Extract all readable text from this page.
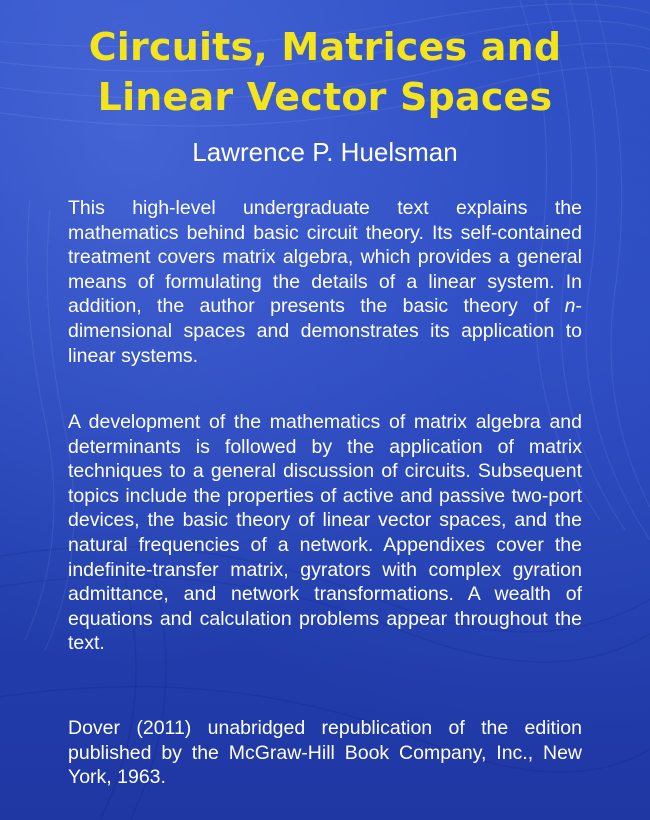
Circuits, Matrices and
Linear Vector Spaces
Lawrence P. Huelsman

This high-level undergraduate text explains the mathematics behind basic circuit theory. Its self-contained treatment covers matrix algebra, which provides a general means of formulating the details of a linear system. In addition, the author presents the basic theory of n-dimensional spaces and demonstrates its application to linear systems.

A development of the mathematics of matrix algebra and determinants is followed by the application of matrix techniques to a general discussion of circuits. Subsequent topics include the properties of active and passive two-port devices, the basic theory of linear vector spaces, and the natural frequencies of a network. Appendixes cover the indefinite-transfer matrix, gyrators with complex gyration admittance, and network transformations. A wealth of equations and calculation problems appear throughout the text.

Dover (2011) unabridged republication of the edition published by the McGraw-Hill Book Company, Inc., New York, 1963.
